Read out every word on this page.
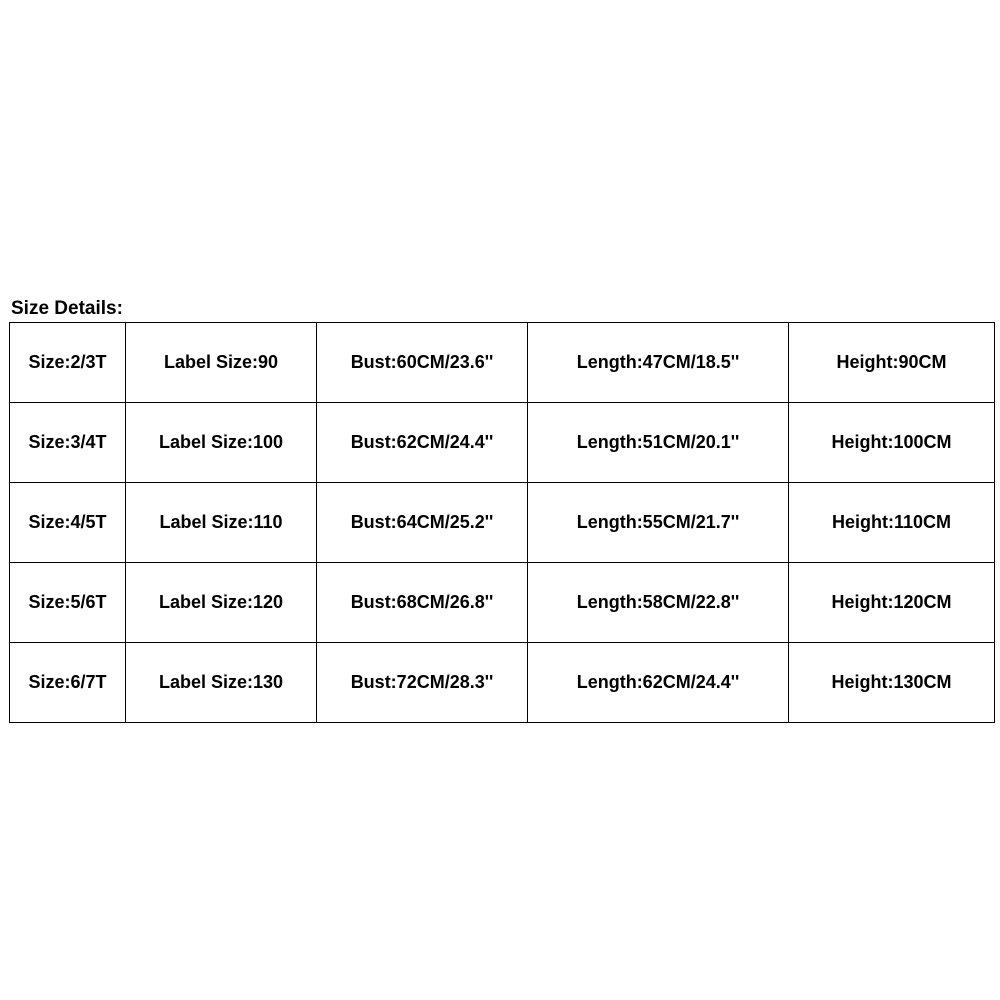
Size Details:
Size:2/3T	Label Size:90	Bust:60CM/23.6''	Length:47CM/18.5''	Height:90CM
Size:3/4T	Label Size:100	Bust:62CM/24.4''	Length:51CM/20.1''	Height:100CM
Size:4/5T	Label Size:110	Bust:64CM/25.2''	Length:55CM/21.7''	Height:110CM
Size:5/6T	Label Size:120	Bust:68CM/26.8''	Length:58CM/22.8''	Height:120CM
Size:6/7T	Label Size:130	Bust:72CM/28.3''	Length:62CM/24.4''	Height:130CM
